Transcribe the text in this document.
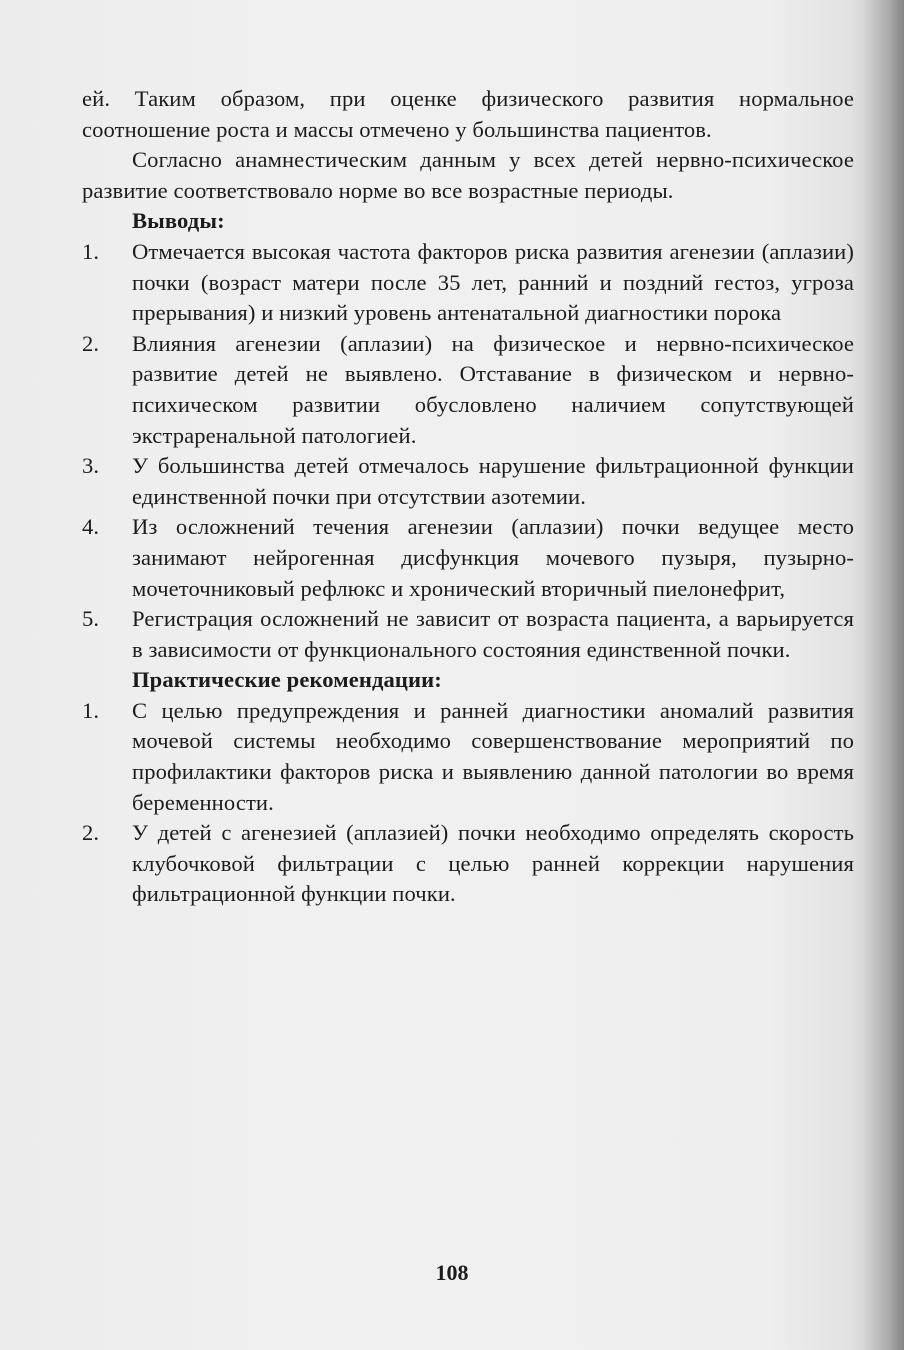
ей. Таким образом, при оценке физического развития нормальное соотношение роста и массы отмечено у большинства пациентов.

Согласно анамнестическим данным у всех детей нервно-психическое развитие соответствовало норме во все возрастные периоды.

Выводы:

1.	Отмечается высокая частота факторов риска развития агенезии (аплазии) почки (возраст матери после 35 лет, ранний и поздний гестоз, угроза прерывания) и низкий уровень антенатальной диагностики порока
2.	Влияния агенезии (аплазии) на физическое и нервно-психическое развитие детей не выявлено. Отставание в физическом и нервно-психическом развитии обусловлено наличием сопутствующей экстраренальной патологией.
3.	У большинства детей отмечалось нарушение фильтрационной функции единственной почки при отсутствии азотемии.
4.	Из осложнений течения агенезии (аплазии) почки ведущее место занимают нейрогенная дисфункция мочевого пузыря, пузырно-мочеточниковый рефлюкс и хронический вторичный пиелонефрит,
5.	Регистрация осложнений не зависит от возраста пациента, а варьируется в зависимости от функционального состояния единственной почки.

Практические рекомендации:

1.	С целью предупреждения и ранней диагностики аномалий развития мочевой системы необходимо совершенствование мероприятий по профилактики факторов риска и выявлению данной патологии во время беременности.
2.	У детей с агенезией (аплазией) почки необходимо определять скорость клубочковой фильтрации с целью ранней коррекции нарушения фильтрационной функции почки.
108
